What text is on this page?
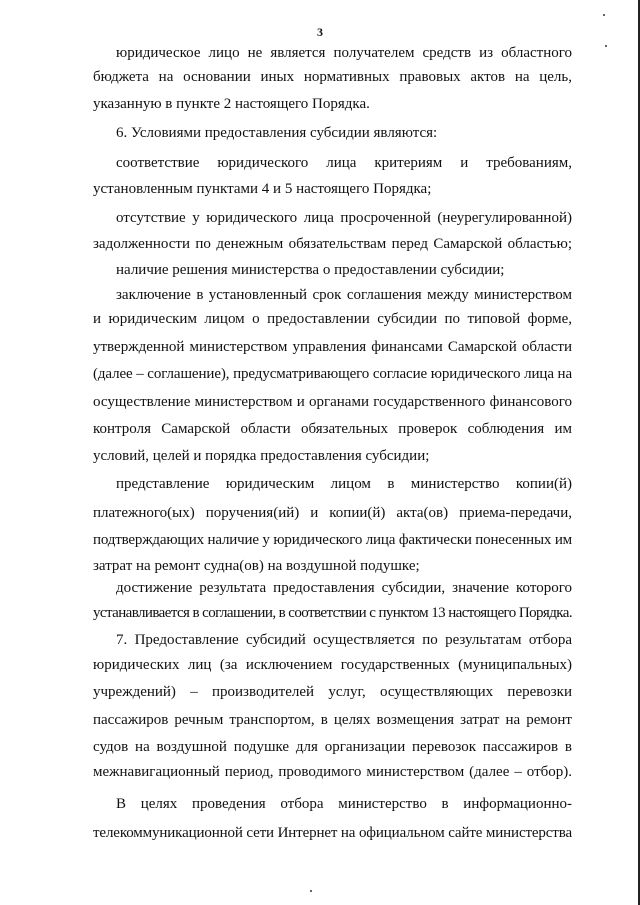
3
юридическое лицо не является получателем средств из областного
бюджета на основании иных нормативных правовых актов на цель,
указанную в пункте 2 настоящего Порядка.
6. Условиями предоставления субсидии являются:
соответствие юридического лица критериям и требованиям,
установленным пунктами 4 и 5 настоящего Порядка;
отсутствие у юридического лица просроченной (неурегулированной)
задолженности по денежным обязательствам перед Самарской областью;
наличие решения министерства о предоставлении субсидии;
заключение в установленный срок соглашения между министерством
и юридическим лицом о предоставлении субсидии по типовой форме,
утвержденной министерством управления финансами Самарской области
(далее – соглашение), предусматривающего согласие юридического лица на
осуществление министерством и органами государственного финансового
контроля Самарской области обязательных проверок соблюдения им
условий, целей и порядка предоставления субсидии;
представление юридическим лицом в министерство копии(й)
платежного(ых) поручения(ий) и копии(й) акта(ов) приема-передачи,
подтверждающих наличие у юридического лица фактически понесенных им
затрат на ремонт судна(ов) на воздушной подушке;
достижение результата предоставления субсидии, значение которого
устанавливается в соглашении, в соответствии с пунктом 13 настоящего Порядка.
7. Предоставление субсидий осуществляется по результатам отбора
юридических лиц (за исключением государственных (муниципальных)
учреждений) – производителей услуг, осуществляющих перевозки
пассажиров речным транспортом, в целях возмещения затрат на ремонт
судов на воздушной подушке для организации перевозок пассажиров в
межнавигационный период, проводимого министерством (далее – отбор).
В целях проведения отбора министерство в информационно-
телекоммуникационной сети Интернет на официальном сайте министерства
